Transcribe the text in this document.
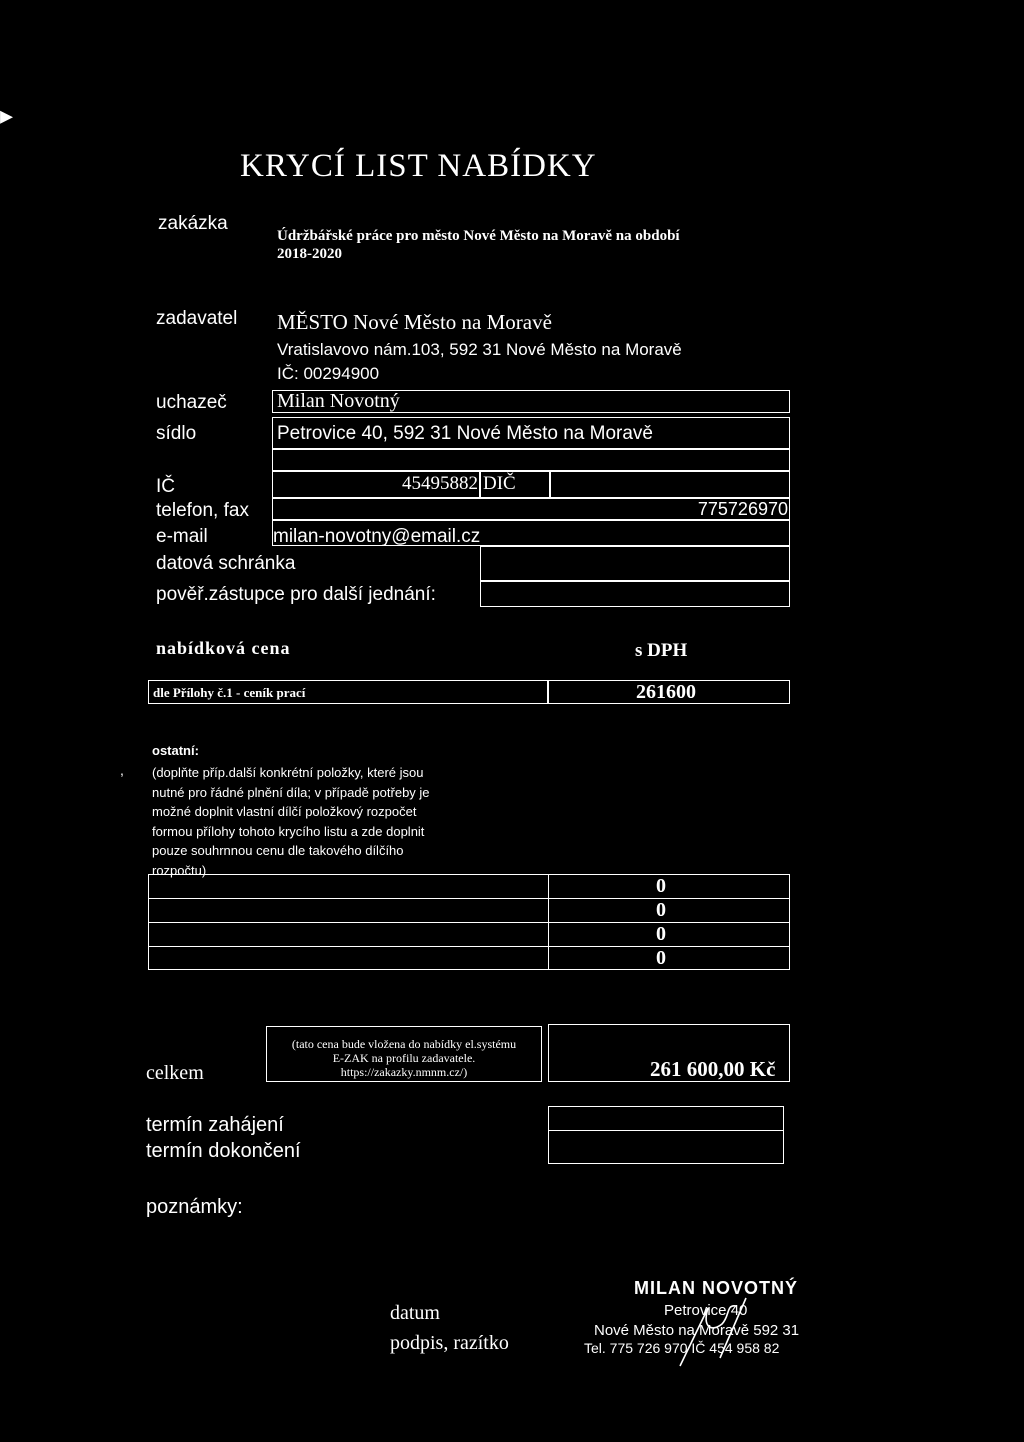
▸
KRYCÍ LIST NABÍDKY
zakázka
Údržbářské práce pro město Nové Město na Moravě na období
2018-2020
zadavatel MĚSTO Nové Město na Moravě
Vratislavovo nám.103, 592 31 Nové Město na Moravě
IČ: 00294900
uchazeč	Milan Novotný
sídlo	Petrovice 40, 592 31 Nové Město na Moravě
IČ	45495882 DIČ
telefon, fax	775726970
e-mail	milan-novotny@email.cz
datová schránka
pověř.zástupce pro další jednání:
nabídková cena	s DPH
dle Přílohy č.1 - ceník prací	261600
ostatní:
, (doplňte příp.další konkrétní položky, které jsou
nutné pro řádné plnění díla; v případě potřeby je
možné doplnit vlastní dílčí položkový rozpočet
formou přílohy tohoto krycího listu a zde doplnit
pouze souhrnnou cenu dle takového dílčího
rozpočtu)
0
0
0
0
celkem
(tato cena bude vložena do nabídky el.systému
E-ZAK na profilu zadavatele.
https://zakazky.nmnm.cz/)	261 600,00 Kč
termín zahájení
termín dokončení
poznámky:
datum
podpis, razítko
MILAN NOVOTNÝ
Petrovice 40
Nové Město na Moravě 592 31
Tel. 775 726 970 IČ 454 958 82
